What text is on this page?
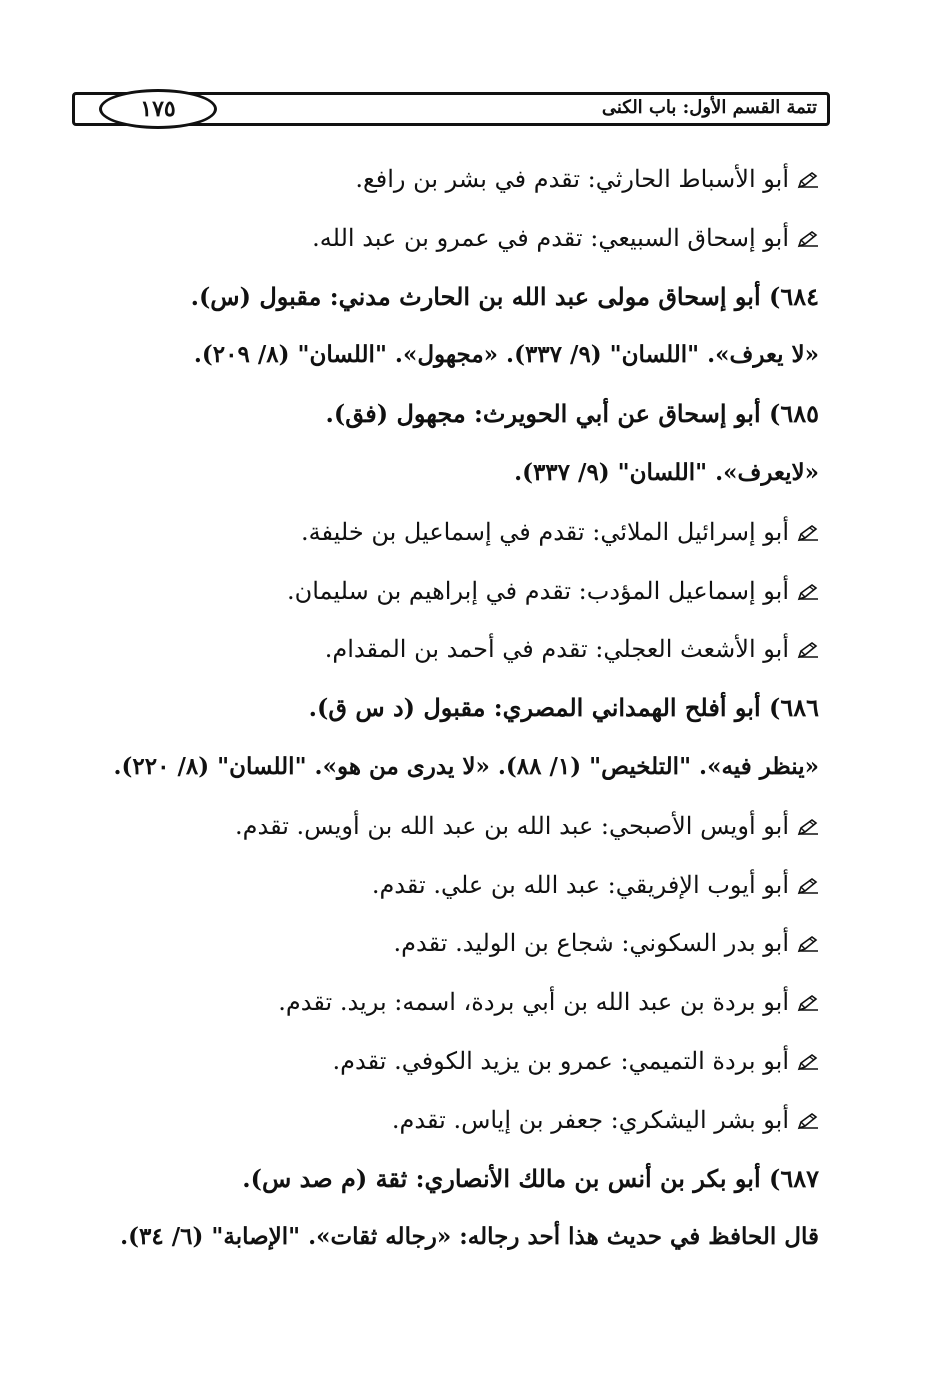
تتمة القسم الأول: باب الكنى
١٧٥
أبو الأسباط الحارثي: تقدم في بشر بن رافع.
أبو إسحاق السبيعي: تقدم في عمرو بن عبد الله.
٦٨٤) أبو إسحاق مولى عبد الله بن الحارث مدني: مقبول (س).
«لا يعرف». "اللسان" (٩/ ٣٣٧). «مجهول». "اللسان" (٨/ ٢٠٩).
٦٨٥) أبو إسحاق عن أبي الحويرث: مجهول (فق).
«لايعرف». "اللسان" (٩/ ٣٣٧).
أبو إسرائيل الملائي: تقدم في إسماعيل بن خليفة.
أبو إسماعيل المؤدب: تقدم في إبراهيم بن سليمان.
أبو الأشعث العجلي: تقدم في أحمد بن المقدام.
٦٨٦) أبو أفلح الهمداني المصري: مقبول (د س ق).
«ينظر فيه». "التلخيص" (١/ ٨٨). «لا يدرى من هو». "اللسان" (٨/ ٢٢٠).
أبو أويس الأصبحي: عبد الله بن عبد الله بن أويس. تقدم.
أبو أيوب الإفريقي: عبد الله بن علي. تقدم.
أبو بدر السكوني: شجاع بن الوليد. تقدم.
أبو بردة بن عبد الله بن أبي بردة، اسمه: بريد. تقدم.
أبو بردة التميمي: عمرو بن يزيد الكوفي. تقدم.
أبو بشر اليشكري: جعفر بن إياس. تقدم.
٦٨٧) أبو بكر بن أنس بن مالك الأنصاري: ثقة (م صد س).
قال الحافظ في حديث هذا أحد رجاله: «رجاله ثقات». "الإصابة" (٦/ ٣٤).
